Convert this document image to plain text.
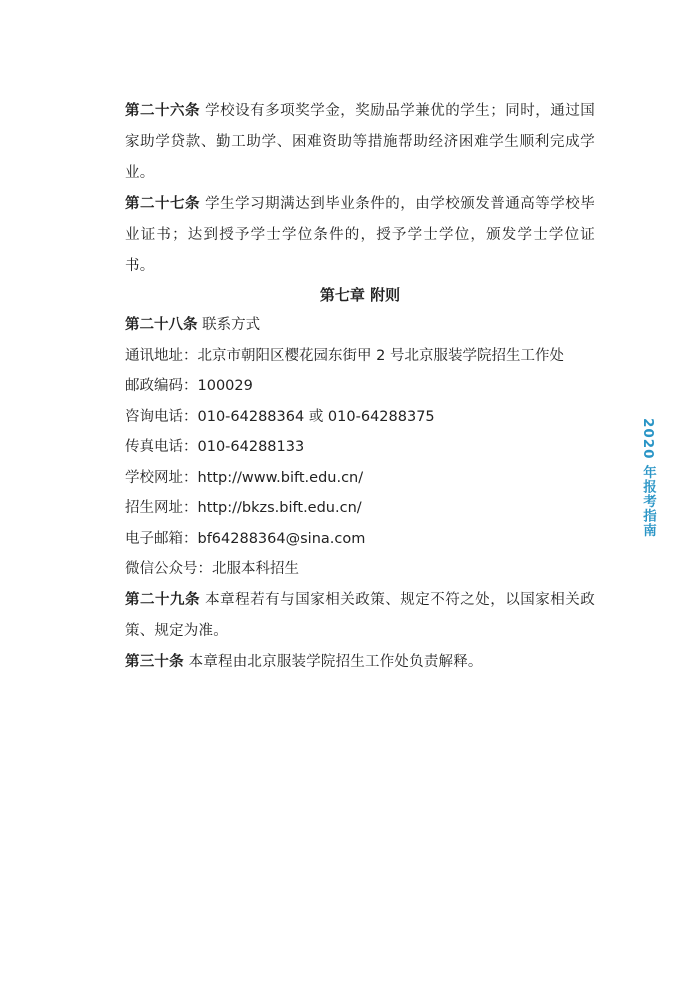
第二十六条 学校设有多项奖学金，奖励品学兼优的学生；同时，通过国家助学贷款、勤工助学、困难资助等措施帮助经济困难学生顺利完成学业。

第二十七条 学生学习期满达到毕业条件的，由学校颁发普通高等学校毕业证书；达到授予学士学位条件的，授予学士学位，颁发学士学位证书。

第七章 附则

第二十八条 联系方式

通讯地址：北京市朝阳区樱花园东街甲 2 号北京服装学院招生工作处

邮政编码：100029

咨询电话：010-64288364 或 010-64288375

传真电话：010-64288133

学校网址：http://www.bift.edu.cn/

招生网址：http://bkzs.bift.edu.cn/

电子邮箱：bf64288364@sina.com

微信公众号：北服本科招生

第二十九条 本章程若有与国家相关政策、规定不符之处，以国家相关政策、规定为准。

第三十条 本章程由北京服装学院招生工作处负责解释。

2020 年报考指南
